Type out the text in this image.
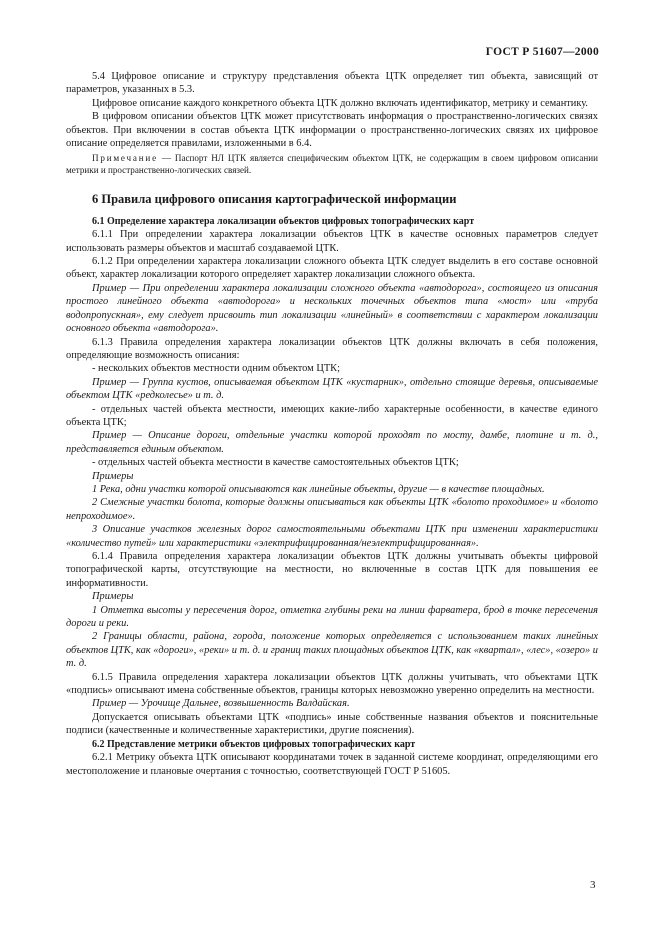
ГОСТ Р 51607—2000

5.4 Цифровое описание и структуру представления объекта ЦТК определяет тип объекта, зависящий от параметров, указанных в 5.3.

Цифровое описание каждого конкретного объекта ЦТК должно включать идентификатор, метрику и семантику.

В цифровом описании объектов ЦТК может присутствовать информация о пространственно-логических связях объектов. При включении в состав объекта ЦТК информации о пространственно-логических связях их цифровое описание определяется правилами, изложенными в 6.4.

Примечание — Паспорт НЛ ЦТК является специфическим объектом ЦТК, не содержащим в своем цифровом описании метрики и пространственно-логических связей.

6 Правила цифрового описания картографической информации

6.1 Определение характера локализации объектов цифровых топографических карт

6.1.1 При определении характера локализации объектов ЦТК в качестве основных параметров следует использовать размеры объектов и масштаб создаваемой ЦТК.

6.1.2 При определении характера локализации сложного объекта ЦТК следует выделить в его составе основной объект, характер локализации которого определяет характер локализации сложного объекта.

Пример — При определении характера локализации сложного объекта «автодорога», состоящего из описания простого линейного объекта «автодорога» и нескольких точечных объектов типа «мост» или «труба водопропускная», ему следует присвоить тип локализации «линейный» в соответствии с характером локализации основного объекта «автодорога».

6.1.3 Правила определения характера локализации объектов ЦТК должны включать в себя положения, определяющие возможность описания:

- нескольких объектов местности одним объектом ЦТК;

Пример — Группа кустов, описываемая объектом ЦТК «кустарник», отдельно стоящие деревья, описываемые объектом ЦТК «редколесье» и т. д.

- отдельных частей объекта местности, имеющих какие-либо характерные особенности, в качестве единого объекта ЦТК;

Пример — Описание дороги, отдельные участки которой проходят по мосту, дамбе, плотине и т. д., представляется единым объектом.

- отдельных частей объекта местности в качестве самостоятельных объектов ЦТК;

Примеры

1 Река, одни участки которой описываются как линейные объекты, другие — в качестве площадных.

2 Смежные участки болота, которые должны описываться как объекты ЦТК «болото проходимое» и «болото непроходимое».

3 Описание участков железных дорог самостоятельными объектами ЦТК при изменении характеристики «количество путей» или характеристики «электрифицированная/неэлектрифицированная».

6.1.4 Правила определения характера локализации объектов ЦТК должны учитывать объекты цифровой топографической карты, отсутствующие на местности, но включенные в состав ЦТК для повышения ее информативности.

Примеры

1 Отметка высоты у пересечения дорог, отметка глубины реки на линии фарватера, брод в точке пересечения дороги и реки.

2 Границы области, района, города, положение которых определяется с использованием таких линейных объектов ЦТК, как «дороги», «реки» и т. д. и границ таких площадных объектов ЦТК, как «квартал», «лес», «озеро» и т. д.

6.1.5 Правила определения характера локализации объектов ЦТК должны учитывать, что объектами ЦТК «подпись» описывают имена собственные объектов, границы которых невозможно уверенно определить на местности.

Пример — Урочище Дальнее, возвышенность Валдайская.

Допускается описывать объектами ЦТК «подпись» иные собственные названия объектов и пояснительные подписи (качественные и количественные характеристики, другие пояснения).

6.2 Представление метрики объектов цифровых топографических карт

6.2.1 Метрику объекта ЦТК описывают координатами точек в заданной системе координат, определяющими его местоположение и плановые очертания с точностью, соответствующей ГОСТ Р 51605.

3
